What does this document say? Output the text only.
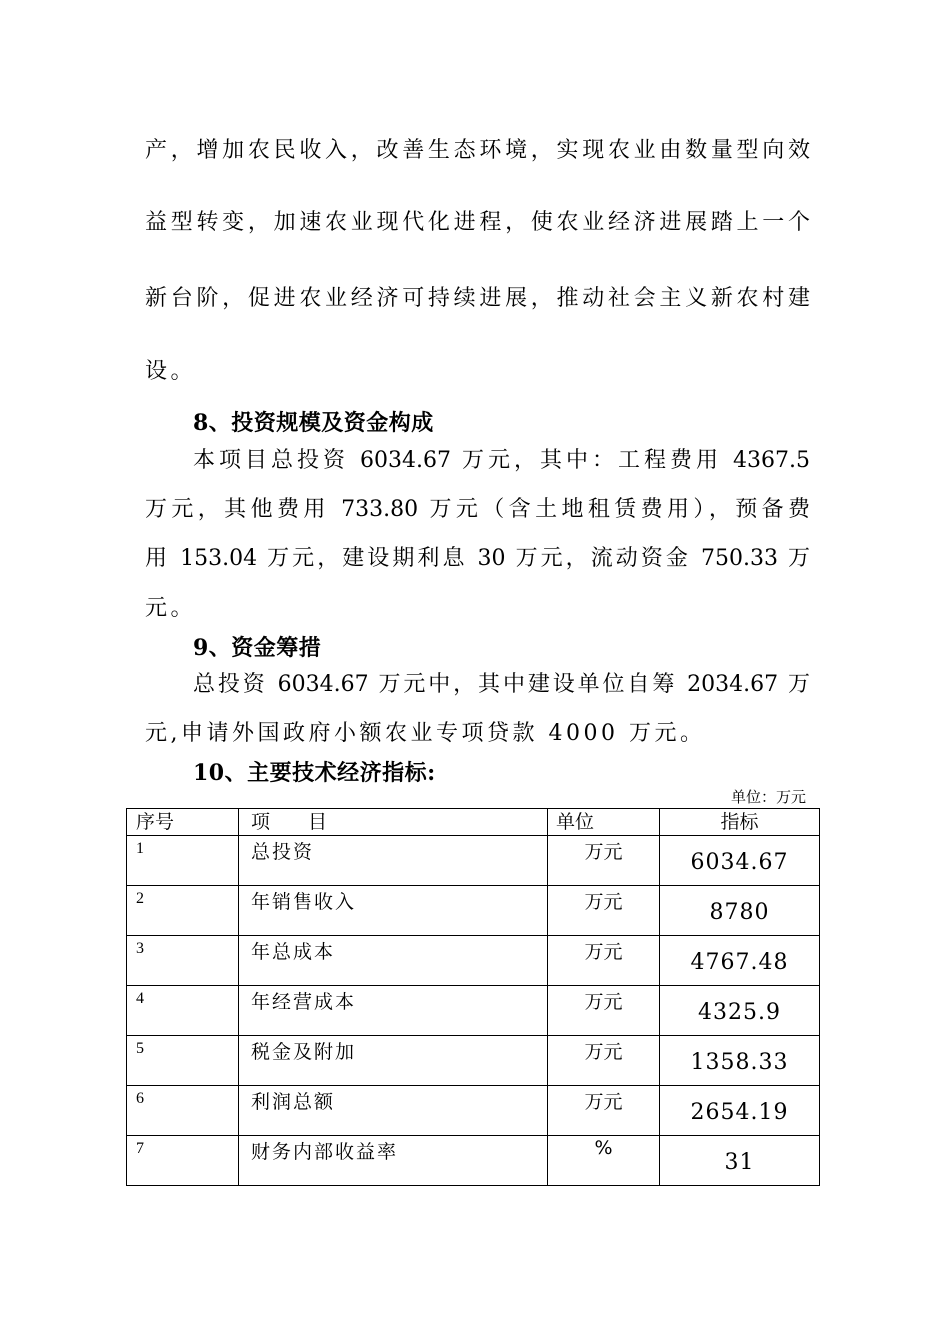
产，增加农民收入，改善生态环境，实现农业由数量型向效
益型转变，加速农业现代化进程，使农业经济进展踏上一个
新台阶，促进农业经济可持续进展，推动社会主义新农村建
设。
8、投资规模及资金构成
本项目总投资 6034.67 万元，其中：工程费用 4367.5
万元，其他费用 733.80 万元（含土地租赁费用），预备费
用 153.04 万元，建设期利息 30 万元，流动资金 750.33 万
元。
9、资金筹措
总投资 6034.67 万元中，其中建设单位自筹 2034.67 万
元,申请外国政府小额农业专项贷款 4000 万元。
10、主要技术经济指标:
单位：万元
序号	项　　目	单位	指标

1	总投资	万元	6034.67

2	年销售收入	万元	8780

3	年总成本	万元	4767.48

4	年经营成本	万元	4325.9

5	税金及附加	万元	1358.33

6	利润总额	万元	2654.19

7	财务内部收益率	%	31
